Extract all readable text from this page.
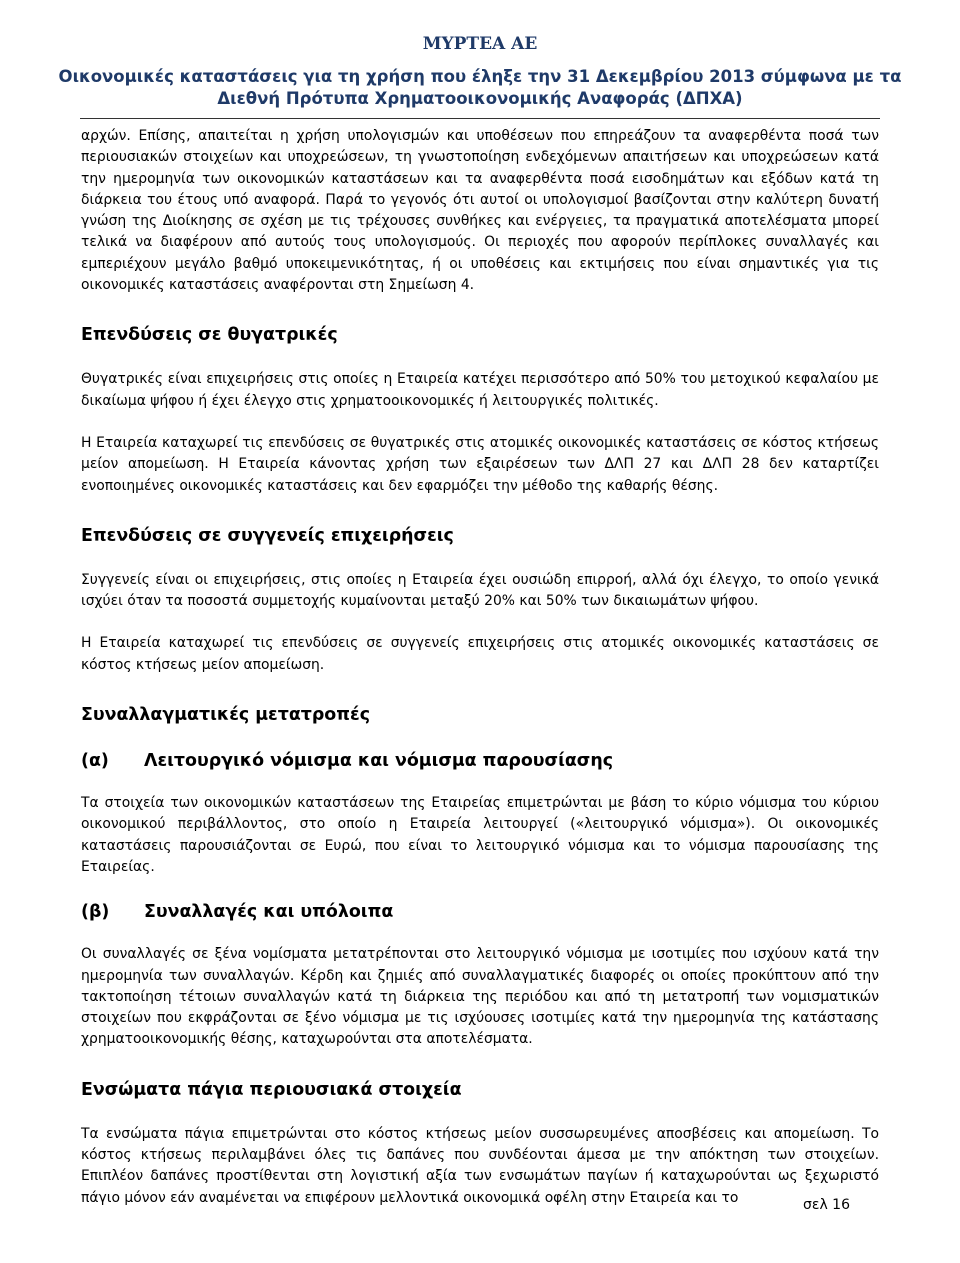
ΜΥΡΤΕΑ ΑΕ
Οικονομικές καταστάσεις για τη χρήση που έληξε την 31 Δεκεμβρίου 2013 σύμφωνα με τα
Διεθνή Πρότυπα Χρηματοοικονομικής Αναφοράς (ΔΠΧΑ)

αρχών. Επίσης, απαιτείται η χρήση υπολογισμών και υποθέσεων που επηρεάζουν τα αναφερθέντα ποσά των περιουσιακών στοιχείων και υποχρεώσεων, τη γνωστοποίηση ενδεχόμενων απαιτήσεων και υποχρεώσεων κατά την ημερομηνία των οικονομικών καταστάσεων και τα αναφερθέντα ποσά εισοδημάτων και εξόδων κατά τη διάρκεια του έτους υπό αναφορά. Παρά το γεγονός ότι αυτοί οι υπολογισμοί βασίζονται στην καλύτερη δυνατή γνώση της Διοίκησης σε σχέση με τις τρέχουσες συνθήκες και ενέργειες, τα πραγματικά αποτελέσματα μπορεί τελικά να διαφέρουν από αυτούς τους υπολογισμούς. Οι περιοχές που αφορούν περίπλοκες συναλλαγές και εμπεριέχουν μεγάλο βαθμό υποκειμενικότητας, ή οι υποθέσεις και εκτιμήσεις που είναι σημαντικές για τις οικονομικές καταστάσεις αναφέρονται στη Σημείωση 4.

Επενδύσεις σε θυγατρικές

Θυγατρικές είναι επιχειρήσεις στις οποίες η Εταιρεία κατέχει περισσότερο από 50% του μετοχικού κεφαλαίου με δικαίωμα ψήφου ή έχει έλεγχο στις χρηματοοικονομικές ή λειτουργικές πολιτικές.

Η Εταιρεία καταχωρεί τις επενδύσεις σε θυγατρικές στις ατομικές οικονομικές καταστάσεις σε κόστος κτήσεως μείον απομείωση. Η Εταιρεία κάνοντας χρήση των εξαιρέσεων των ΔΛΠ 27 και ΔΛΠ 28 δεν καταρτίζει ενοποιημένες οικονομικές καταστάσεις και δεν εφαρμόζει την μέθοδο της καθαρής θέσης.

Επενδύσεις σε συγγενείς επιχειρήσεις

Συγγενείς είναι οι επιχειρήσεις, στις οποίες η Εταιρεία έχει ουσιώδη επιρροή, αλλά όχι έλεγχο, το οποίο γενικά ισχύει όταν τα ποσοστά συμμετοχής κυμαίνονται μεταξύ 20% και 50% των δικαιωμάτων ψήφου.

Η Εταιρεία καταχωρεί τις επενδύσεις σε συγγενείς επιχειρήσεις στις ατομικές οικονομικές καταστάσεις σε κόστος κτήσεως μείον απομείωση.

Συναλλαγματικές μετατροπές
(α) Λειτουργικό νόμισμα και νόμισμα παρουσίασης

Τα στοιχεία των οικονομικών καταστάσεων της Εταιρείας επιμετρώνται με βάση το κύριο νόμισμα του κύριου οικονομικού περιβάλλοντος, στο οποίο η Εταιρεία λειτουργεί («λειτουργικό νόμισμα»). Οι οικονομικές καταστάσεις παρουσιάζονται σε Ευρώ, που είναι το λειτουργικό νόμισμα και το νόμισμα παρουσίασης της Εταιρείας.

(β) Συναλλαγές και υπόλοιπα

Οι συναλλαγές σε ξένα νομίσματα μετατρέπονται στο λειτουργικό νόμισμα με ισοτιμίες που ισχύουν κατά την ημερομηνία των συναλλαγών. Κέρδη και ζημιές από συναλλαγματικές διαφορές οι οποίες προκύπτουν από την τακτοποίηση τέτοιων συναλλαγών κατά τη διάρκεια της περιόδου και από τη μετατροπή των νομισματικών στοιχείων που εκφράζονται σε ξένο νόμισμα με τις ισχύουσες ισοτιμίες κατά την ημερομηνία της κατάστασης χρηματοοικονομικής θέσης, καταχωρούνται στα αποτελέσματα.

Ενσώματα πάγια περιουσιακά στοιχεία

Τα ενσώματα πάγια επιμετρώνται στο κόστος κτήσεως μείον συσσωρευμένες αποσβέσεις και απομείωση. Το κόστος κτήσεως περιλαμβάνει όλες τις δαπάνες που συνδέονται άμεσα με την απόκτηση των στοιχείων. Επιπλέον δαπάνες προστίθενται στη λογιστική αξία των ενσωμάτων παγίων ή καταχωρούνται ως ξεχωριστό πάγιο μόνον εάν αναμένεται να επιφέρουν μελλοντικά οικονομικά οφέλη στην Εταιρεία και το	σελ 16
